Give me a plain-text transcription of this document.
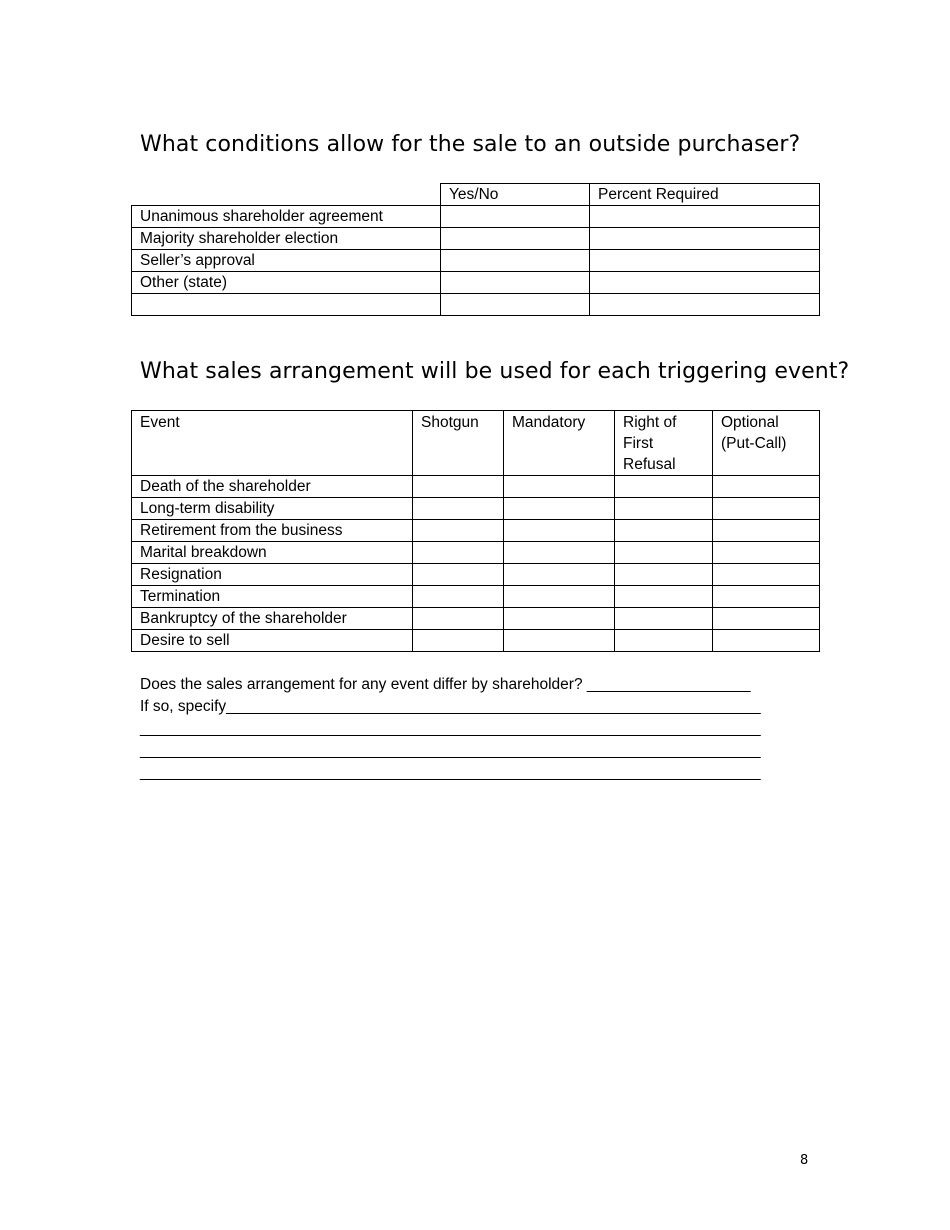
What conditions allow for the sale to an outside purchaser?
	Yes/No	Percent Required
Unanimous shareholder agreement		
Majority shareholder election		
Seller’s approval		
Other (state)		

What sales arrangement will be used for each triggering event?
Event	Shotgun	Mandatory	Right of First Refusal	Optional (Put-Call)
Death of the shareholder				
Long-term disability				
Retirement from the business				
Marital breakdown				
Resignation				
Termination				
Bankruptcy of the shareholder				
Desire to sell				
Does the sales arrangement for any event differ by shareholder? ___________________
If so, specify______________________________________________________________
________________________________________________________________________
________________________________________________________________________
________________________________________________________________________
8
